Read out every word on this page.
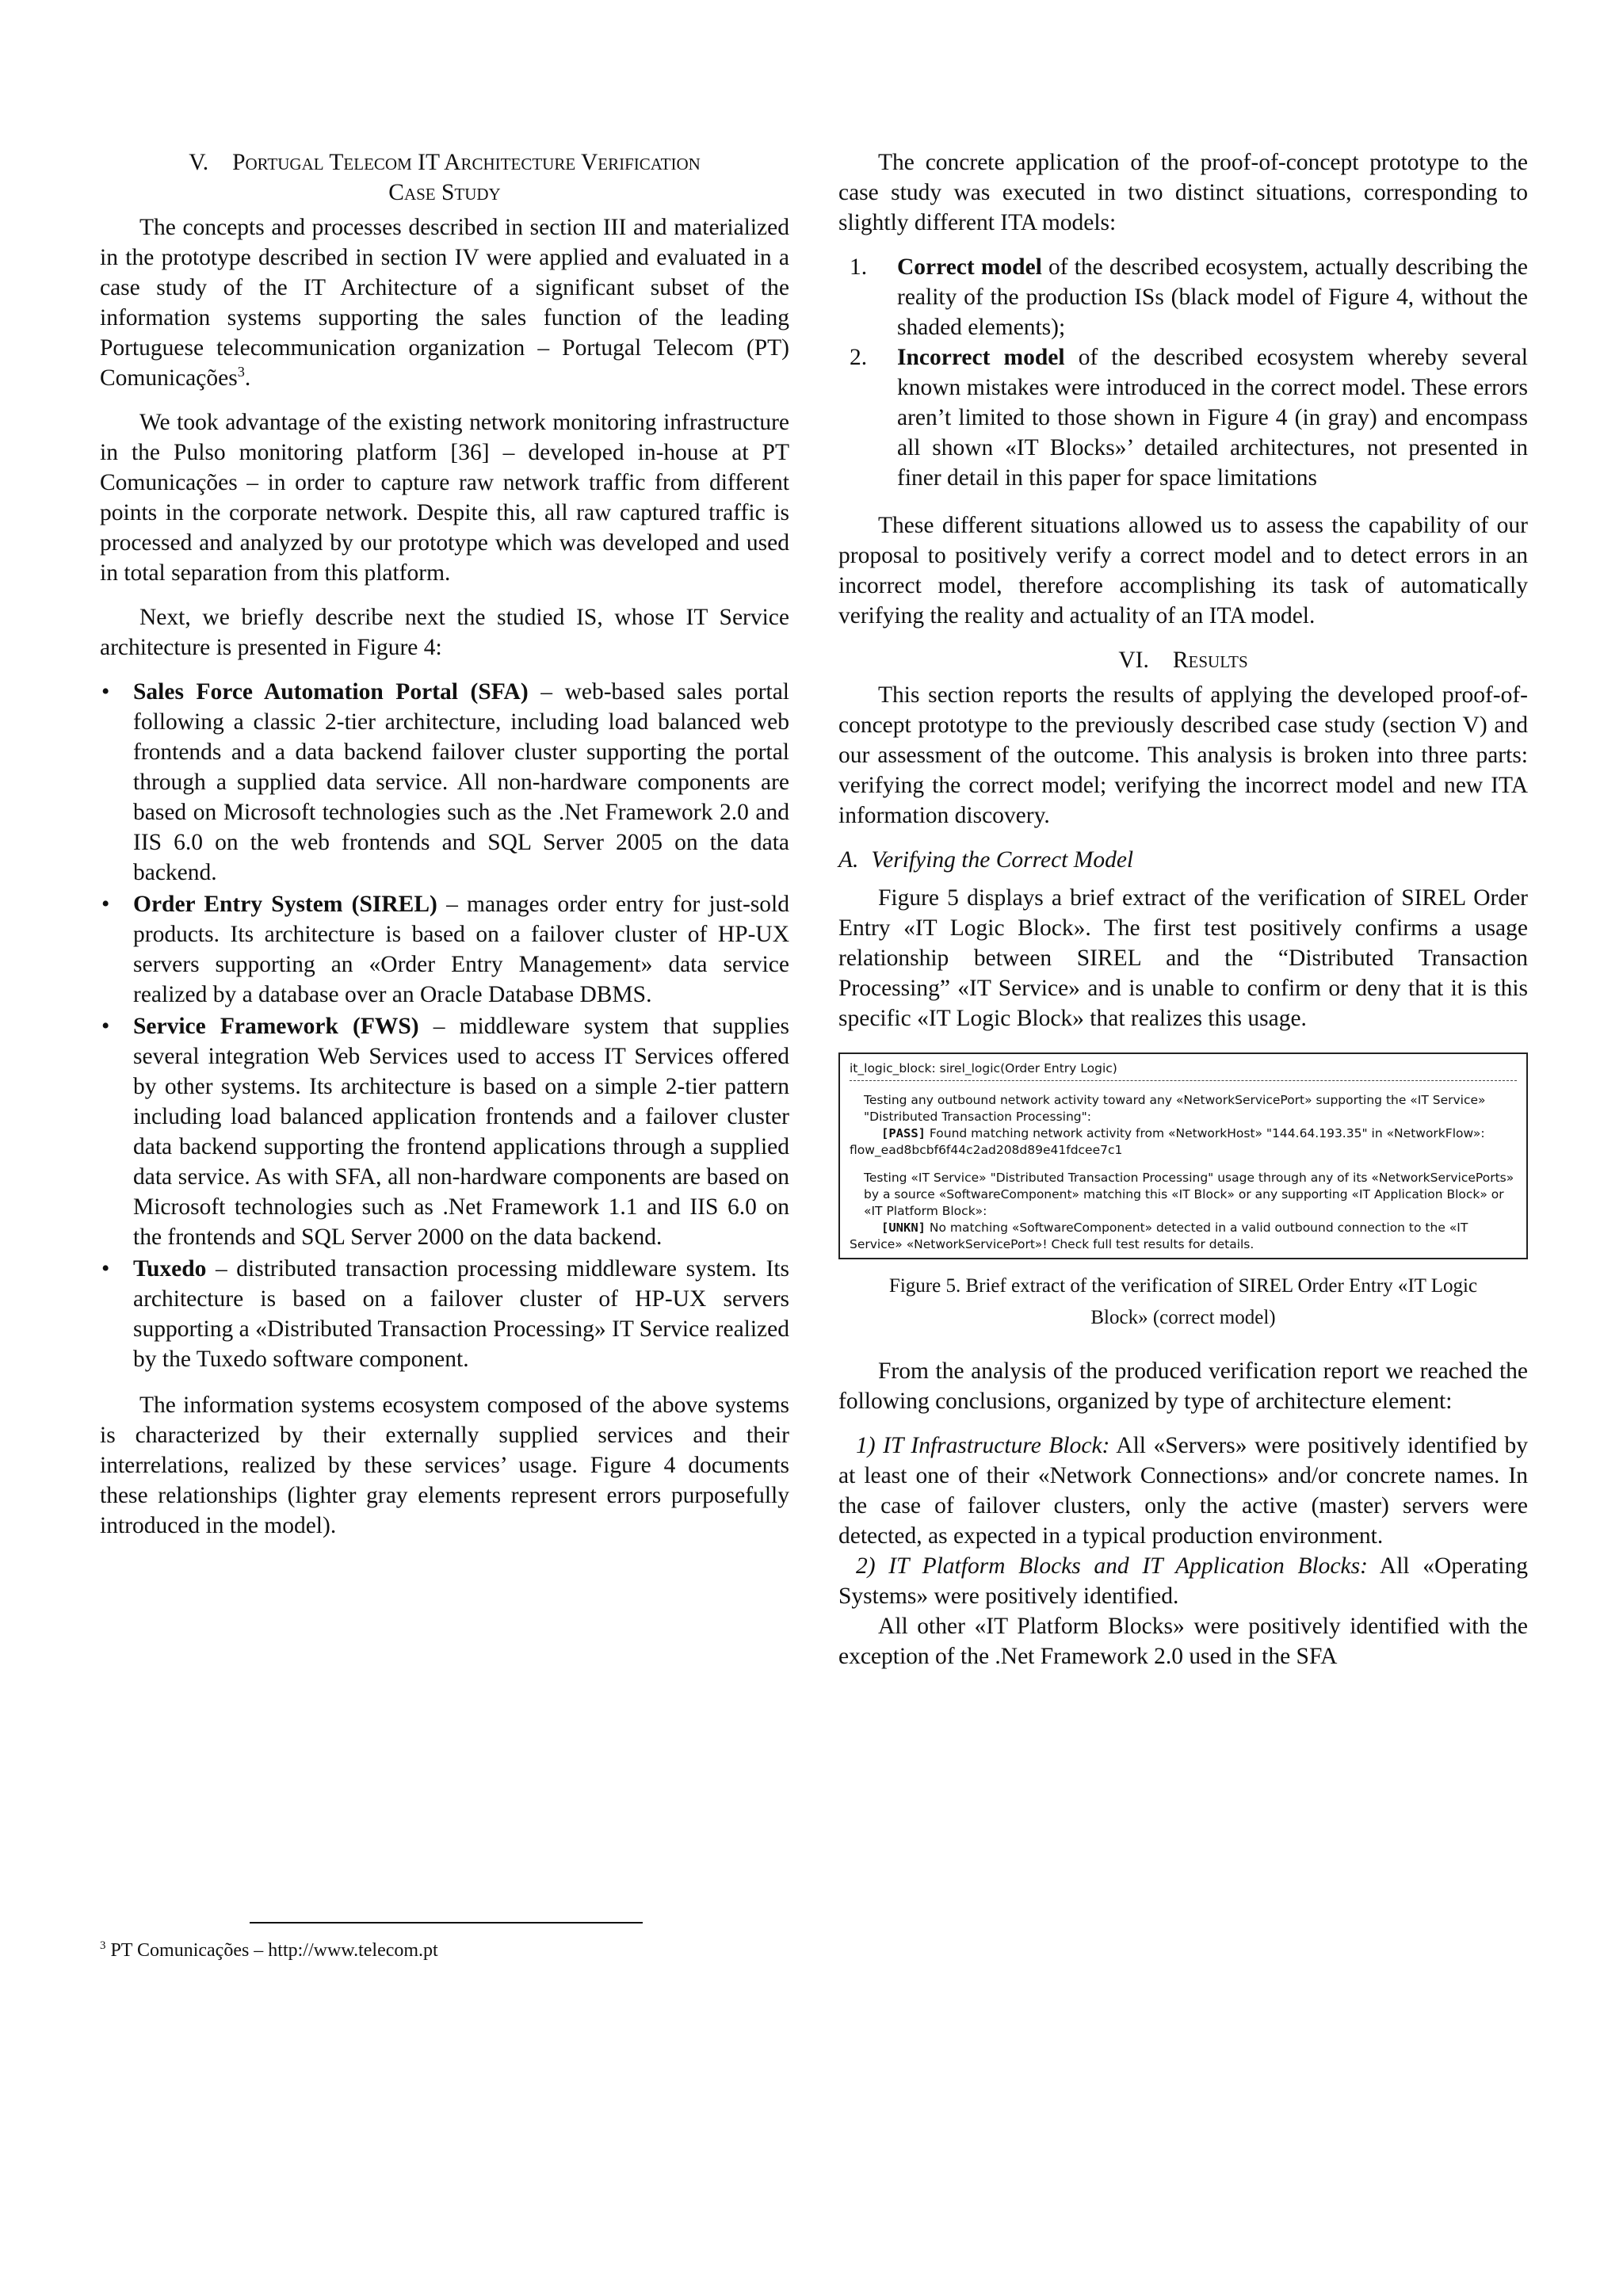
V. Portugal Telecom IT Architecture Verification
Case Study

The concepts and processes described in section III and materialized in the prototype described in section IV were applied and evaluated in a case study of the IT Architecture of a significant subset of the information systems supporting the sales function of the leading Portuguese telecommunication organization – Portugal Telecom (PT) Comunicações$^3$.

We took advantage of the existing network monitoring infrastructure in the Pulso monitoring platform [36] – developed in-house at PT Comunicações – in order to capture raw network traffic from different points in the corporate network. Despite this, all raw captured traffic is processed and analyzed by our prototype which was developed and used in total separation from this platform.

Next, we briefly describe next the studied IS, whose IT Service architecture is presented in Figure 4:

• Sales Force Automation Portal (SFA) – web-based sales portal following a classic 2-tier architecture, including load balanced web frontends and a data backend failover cluster supporting the portal through a supplied data service. All non-hardware components are based on Microsoft technologies such as the .Net Framework 2.0 and IIS 6.0 on the web frontends and SQL Server 2005 on the data backend.
• Order Entry System (SIREL) – manages order entry for just-sold products. Its architecture is based on a failover cluster of HP-UX servers supporting an «Order Entry Management» data service realized by a database over an Oracle Database DBMS.
• Service Framework (FWS) – middleware system that supplies several integration Web Services used to access IT Services offered by other systems. Its architecture is based on a simple 2-tier pattern including load balanced application frontends and a failover cluster data backend supporting the frontend applications through a supplied data service. As with SFA, all non-hardware components are based on Microsoft technologies such as .Net Framework 1.1 and IIS 6.0 on the frontends and SQL Server 2000 on the data backend.
• Tuxedo – distributed transaction processing middleware system. Its architecture is based on a failover cluster of HP-UX servers supporting a «Distributed Transaction Processing» IT Service realized by the Tuxedo software component.

The information systems ecosystem composed of the above systems is characterized by their externally supplied services and their interrelations, realized by these services’ usage. Figure 4 documents these relationships (lighter gray elements represent errors purposefully introduced in the model).

$^3$ PT Comunicações – http://www.telecom.pt

The concrete application of the proof-of-concept prototype to the case study was executed in two distinct situations, corresponding to slightly different ITA models:

1. Correct model of the described ecosystem, actually describing the reality of the production ISs (black model of Figure 4, without the shaded elements);
2. Incorrect model of the described ecosystem whereby several known mistakes were introduced in the correct model. These errors aren’t limited to those shown in Figure 4 (in gray) and encompass all shown «IT Blocks»’ detailed architectures, not presented in finer detail in this paper for space limitations

These different situations allowed us to assess the capability of our proposal to positively verify a correct model and to detect errors in an incorrect model, therefore accomplishing its task of automatically verifying the reality and actuality of an ITA model.

VI. Results

This section reports the results of applying the developed proof-of-concept prototype to the previously described case study (section V) and our assessment of the outcome. This analysis is broken into three parts: verifying the correct model; verifying the incorrect model and new ITA information discovery.

A. Verifying the Correct Model

Figure 5 displays a brief extract of the verification of SIREL Order Entry «IT Logic Block». The first test positively confirms a usage relationship between SIREL and the “Distributed Transaction Processing” «IT Service» and is unable to confirm or deny that it is this specific «IT Logic Block» that realizes this usage.

it_logic_block: sirel_logic(Order Entry Logic)
Testing any outbound network activity toward any «NetworkServicePort» supporting the «IT Service» "Distributed Transaction Processing":
[PASS] Found matching network activity from «NetworkHost» "144.64.193.35" in «NetworkFlow»: flow_ead8bcbf6f44c2ad208d89e41fdcee7c1
Testing «IT Service» "Distributed Transaction Processing" usage through any of its «NetworkServicePorts» by a source «SoftwareComponent» matching this «IT Block» or any supporting «IT Application Block» or «IT Platform Block»:
[UNKN] No matching «SoftwareComponent» detected in a valid outbound connection to the «IT Service» «NetworkServicePort»! Check full test results for details.
Figure 5. Brief extract of the verification of SIREL Order Entry «IT Logic
Block» (correct model)

From the analysis of the produced verification report we reached the following conclusions, organized by type of architecture element:

1) IT Infrastructure Block: All «Servers» were positively identified by at least one of their «Network Connections» and/or concrete names. In the case of failover clusters, only the active (master) servers were detected, as expected in a typical production environment.

2) IT Platform Blocks and IT Application Blocks: All «Operating Systems» were positively identified.

All other «IT Platform Blocks» were positively identified with the exception of the .Net Framework 2.0 used in the SFA
